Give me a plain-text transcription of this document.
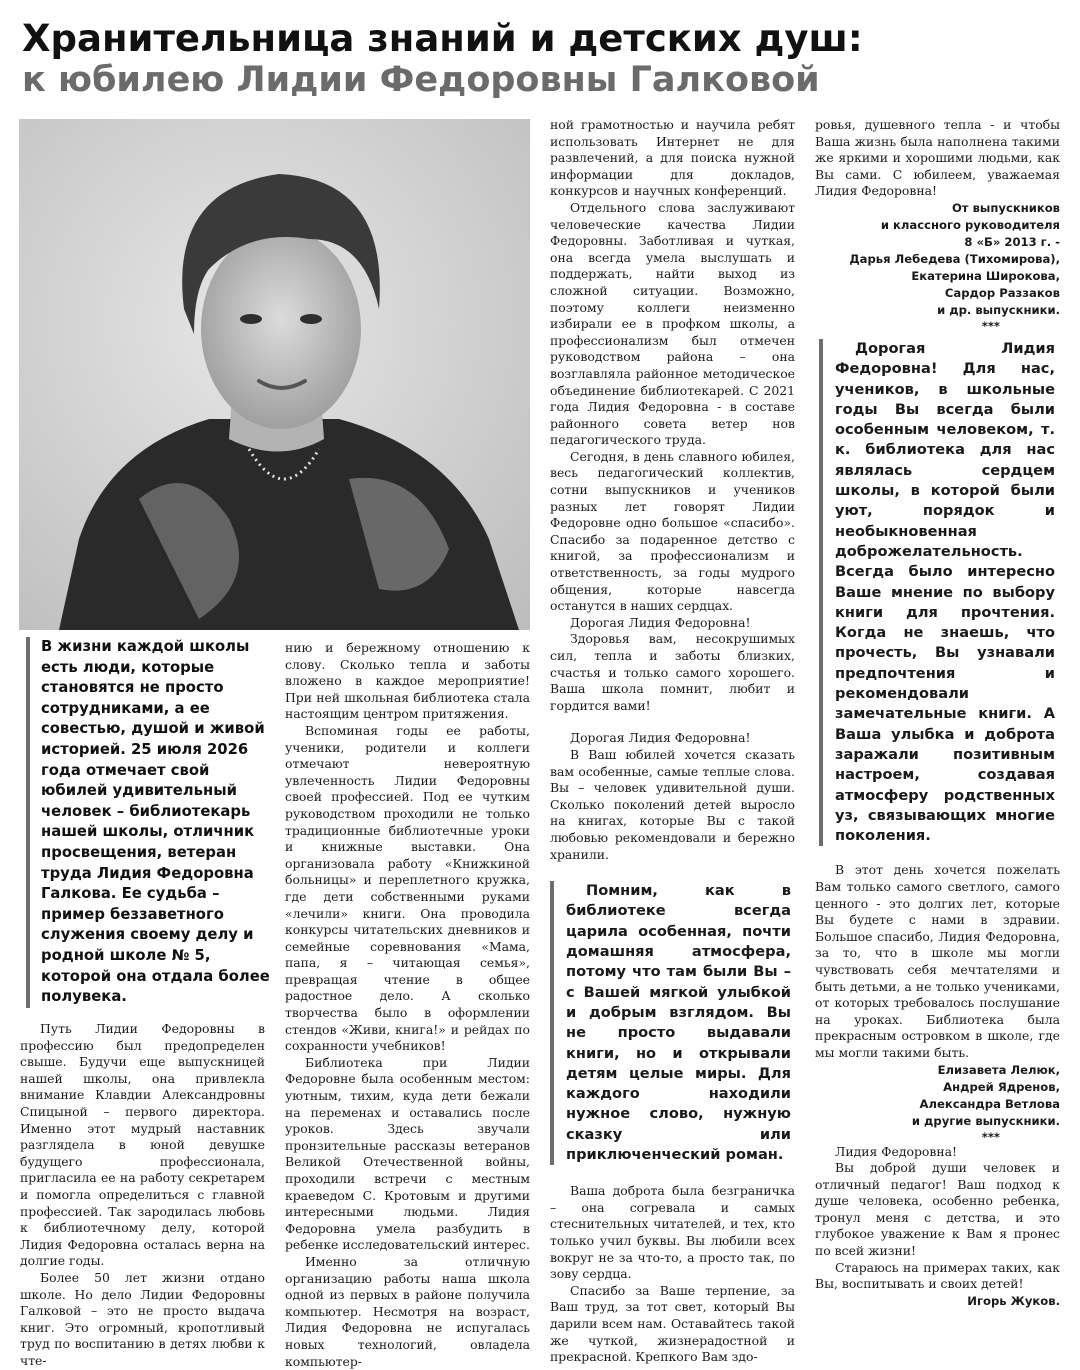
Хранительница знаний и детских душ:
к юбилею Лидии Федоровны Галковой

В жизни каждой школы есть люди, которые становятся не просто сотрудниками, а ее совестью, душой и живой историей. 25 июля 2026 года отмечает свой юбилей удивительный человек – библиотекарь нашей школы, отличник просвещения, ветеран труда Лидия Федоровна Галкова. Ее судьба – пример беззаветного служения своему делу и родной школе № 5, которой она отдала более полувека.

Путь Лидии Федоровны в профессию был предопределен свыше. Будучи еще выпускницей нашей школы, она привлекла внимание Клавдии Александровны Спицыной – первого директора. Именно этот мудрый наставник разглядела в юной девушке будущего профессионала, пригласила ее на работу секретарем и помогла определиться с главной профессией. Так зародилась любовь к библиотечному делу, которой Лидия Федоровна осталась верна на долгие годы.

Более 50 лет жизни отдано школе. Но дело Лидии Федоровны Галковой – это не просто выдача книг. Это огромный, кропотливый труд по воспитанию в детях любви к чте-

нию и бережному отношению к слову. Сколько тепла и заботы вложено в каждое мероприятие! При ней школьная библиотека стала настоящим центром притяжения.

Вспоминая годы ее работы, ученики, родители и коллеги отмечают невероятную увлеченность Лидии Федоровны своей профессией. Под ее чутким руководством проходили не только традиционные библиотечные уроки и книжные выставки. Она организовала работу «Книжкиной больницы» и переплетного кружка, где дети собственными руками «лечили» книги. Она проводила конкурсы читательских дневников и семейные соревнования «Мама, папа, я – читающая семья», превращая чтение в общее радостное дело. А сколько творчества было в оформлении стендов «Живи, книга!» и рейдах по сохранности учебников!

Библиотека при Лидии Федоровне была особенным местом: уютным, тихим, куда дети бежали на переменах и оставались после уроков. Здесь звучали пронзительные рассказы ветеранов Великой Отечественной войны, проходили встречи с местным краеведом С. Кротовым и другими интересными людьми. Лидия Федоровна умела разбудить в ребенке исследовательский интерес.

Именно за отличную организацию работы наша школа одной из первых в районе получила компьютер. Несмотря на возраст, Лидия Федоровна не испугалась новых технологий, овладела компьютер-

ной грамотностью и научила ребят использовать Интернет не для развлечений, а для поиска нужной информации для докладов, конкурсов и научных конференций.

Отдельного слова заслуживают человеческие качества Лидии Федоровны. Заботливая и чуткая, она всегда умела выслушать и поддержать, найти выход из сложной ситуации. Возможно, поэтому коллеги неизменно избирали ее в профком школы, а профессионализм был отмечен руководством района – она возглавляла районное методическое объединение библиотекарей. С 2021 года Лидия Федоровна - в составе районного совета ветер нов педагогического труда.

Сегодня, в день славного юбилея, весь педагогический коллектив, сотни выпускников и учеников разных лет говорят Лидии Федоровне одно большое «спасибо». Спасибо за подаренное детство с книгой, за профессионализм и ответственность, за годы мудрого общения, которые навсегда останутся в наших сердцах.

Дорогая Лидия Федоровна!

Здоровья вам, несокрушимых сил, тепла и заботы близких, счастья и только самого хорошего. Ваша школа помнит, любит и гордится вами!

Дорогая Лидия Федоровна!

В Ваш юбилей хочется сказать вам особенные, самые теплые слова. Вы – человек удивительной души. Сколько поколений детей выросло на книгах, которые Вы с такой любовью рекомендовали и бережно хранили.

Помним, как в библиотеке всегда царила особенная, почти домашняя атмосфера, потому что там были Вы – с Вашей мягкой улыбкой и добрым взглядом. Вы не просто выдавали книги, но и открывали детям целые миры. Для каждого находили нужное слово, нужную сказку или приключенческий роман.

Ваша доброта была безграничка – она согревала и самых стеснительных читателей, и тех, кто только учил буквы. Вы любили всех вокруг не за что-то, а просто так, по зову сердца.

Спасибо за Ваше терпение, за Ваш труд, за тот свет, который Вы дарили всем нам. Оставайтесь такой же чуткой, жизнерадостной и прекрасной. Крепкого Вам здо-

ровья, душевного тепла - и чтобы Ваша жизнь была наполнена такими же яркими и хорошими людьми, как Вы сами. С юбилеем, уважаемая Лидия Федоровна!

От выпускников
и классного руководителя
8 «Б» 2013 г. -
Дарья Лебедева (Тихомирова),
Екатерина Широкова,
Сардор Раззаков
и др. выпускники.
***

Дорогая Лидия Федоровна! Для нас, учеников, в школьные годы Вы всегда были особенным человеком, т. к. библиотека для нас являлась сердцем школы, в которой были уют, порядок и необыкновенная доброжелательность. Всегда было интересно Ваше мнение по выбору книги для прочтения. Когда не знаешь, что прочесть, Вы узнавали предпочтения и рекомендовали замечательные книги. А Ваша улыбка и доброта заражали позитивным настроем, создавая атмосферу родственных уз, связывающих многие поколения.

В этот день хочется пожелать Вам только самого светлого, самого ценного - это долгих лет, которые Вы будете с нами в здравии. Большое спасибо, Лидия Федоровна, за то, что в школе мы могли чувствовать себя мечтателями и быть детьми, а не только учениками, от которых требовалось послушание на уроках. Библиотека была прекрасным островком в школе, где мы могли такими быть.

Елизавета Лелюк,
Андрей Ядренов,
Александра Ветлова
и другие выпускники.
***

Лидия Федоровна!

Вы доброй души человек и отличный педагог! Ваш подход к душе человека, особенно ребенка, тронул меня с детства, и это глубокое уважение к Вам я пронес по всей жизни!

Стараюсь на примерах таких, как Вы, воспитывать и своих детей!

Игорь Жуков.
